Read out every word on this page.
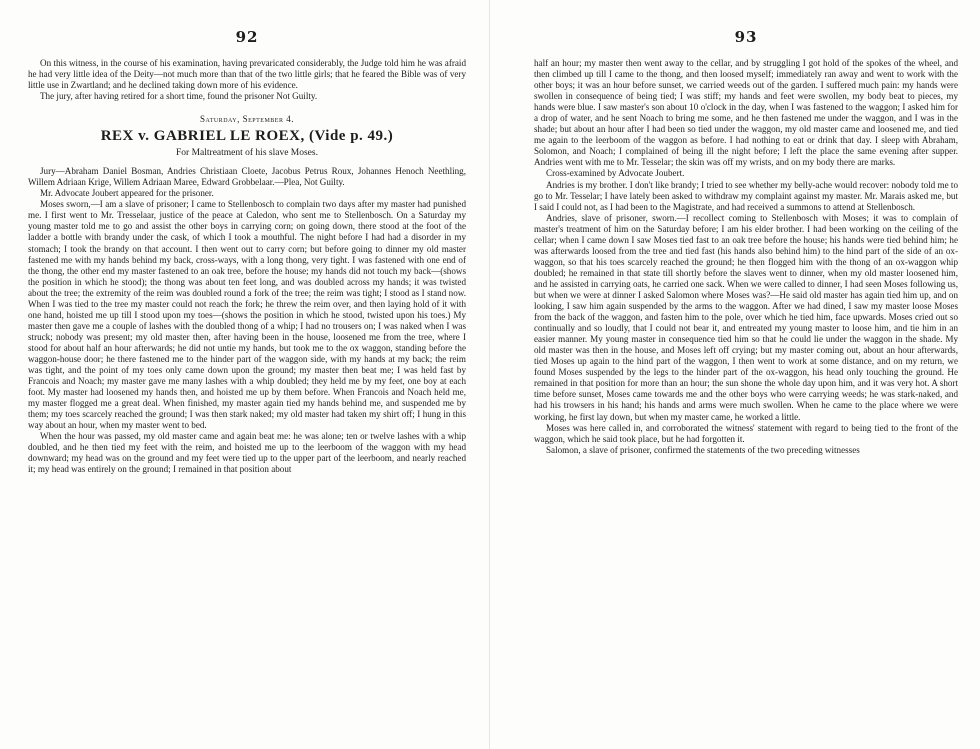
92

On this witness, in the course of his examination, having prevaricated considerably, the Judge told him he was afraid he had very little idea of the Deity—not much more than that of the two little girls; that he feared the Bible was of very little use in Zwartland; and he declined taking down more of his evidence.

The jury, after having retired for a short time, found the prisoner Not Guilty.

Saturday, September 4.
REX v. GABRIEL LE ROEX, (Vide p. 49.)
For Maltreatment of his slave Moses.

Jury—Abraham Daniel Bosman, Andries Christiaan Cloete, Jacobus Petrus Roux, Johannes Henoch Neethling, Willem Adriaan Krige, Willem Adriaan Maree, Edward Grobbelaar.—Plea, Not Guilty.

Mr. Advocate Joubert appeared for the prisoner.

Moses sworn,—I am a slave of prisoner; I came to Stellenbosch to complain two days after my master had punished me. I first went to Mr. Tresselaar, justice of the peace at Caledon, who sent me to Stellenbosch. On a Saturday my young master told me to go and assist the other boys in carrying corn; on going down, there stood at the foot of the ladder a bottle with brandy under the cask, of which I took a mouthful. The night before I had had a disorder in my stomach; I took the brandy on that account. I then went out to carry corn; but before going to dinner my old master fastened me with my hands behind my back, cross-ways, with a long thong, very tight. I was fastened with one end of the thong, the other end my master fastened to an oak tree, before the house; my hands did not touch my back—(shows the position in which he stood); the thong was about ten feet long, and was doubled across my hands; it was twisted about the tree; the extremity of the reim was doubled round a fork of the tree; the reim was tight; I stood as I stand now. When I was tied to the tree my master could not reach the fork; he threw the reim over, and then laying hold of it with one hand, hoisted me up till I stood upon my toes—(shows the position in which he stood, twisted upon his toes.) My master then gave me a couple of lashes with the doubled thong of a whip; I had no trousers on; I was naked when I was struck; nobody was present; my old master then, after having been in the house, loosened me from the tree, where I stood for about half an hour afterwards; he did not untie my hands, but took me to the ox waggon, standing before the waggon-house door; he there fastened me to the hinder part of the waggon side, with my hands at my back; the reim was tight, and the point of my toes only came down upon the ground; my master then beat me; I was held fast by Francois and Noach; my master gave me many lashes with a whip doubled; they held me by my feet, one boy at each foot. My master had loosened my hands then, and hoisted me up by them before. When Francois and Noach held me, my master flogged me a great deal. When finished, my master again tied my hands behind me, and suspended me by them; my toes scarcely reached the ground; I was then stark naked; my old master had taken my shirt off; I hung in this way about an hour, when my master went to bed.

When the hour was passed, my old master came and again beat me: he was alone; ten or twelve lashes with a whip doubled, and he then tied my feet with the reim, and hoisted me up to the leerboom of the waggon with my head downward; my head was on the ground and my feet were tied up to the upper part of the leerboom, and nearly reached it; my head was entirely on the ground; I remained in that position about

93

half an hour; my master then went away to the cellar, and by struggling I got hold of the spokes of the wheel, and then climbed up till I came to the thong, and then loosed myself; immediately ran away and went to work with the other boys; it was an hour before sunset, we carried weeds out of the garden. I suffered much pain: my hands were swollen in consequence of being tied; I was stiff; my hands and feet were swollen, my body beat to pieces, my hands were blue. I saw master's son about 10 o'clock in the day, when I was fastened to the waggon; I asked him for a drop of water, and he sent Noach to bring me some, and he then fastened me under the waggon, and I was in the shade; but about an hour after I had been so tied under the waggon, my old master came and loosened me, and tied me again to the leerboom of the waggon as before. I had nothing to eat or drink that day. I sleep with Abraham, Solomon, and Noach; I complained of being ill the night before; I left the place the same evening after supper. Andries went with me to Mr. Tesselar; the skin was off my wrists, and on my body there are marks.

Cross-examined by Advocate Joubert.

Andries is my brother. I don't like brandy; I tried to see whether my belly-ache would recover: nobody told me to go to Mr. Tesselar; I have lately been asked to withdraw my complaint against my master. Mr. Marais asked me, but I said I could not, as I had been to the Magistrate, and had received a summons to attend at Stellenbosch.

Andries, slave of prisoner, sworn.—I recollect coming to Stellenbosch with Moses; it was to complain of master's treatment of him on the Saturday before; I am his elder brother. I had been working on the ceiling of the cellar; when I came down I saw Moses tied fast to an oak tree before the house; his hands were tied behind him; he was afterwards loosed from the tree and tied fast (his hands also behind him) to the hind part of the side of an ox-waggon, so that his toes scarcely reached the ground; he then flogged him with the thong of an ox-waggon whip doubled; he remained in that state till shortly before the slaves went to dinner, when my old master loosened him, and he assisted in carrying oats, he carried one sack. When we were called to dinner, I had seen Moses following us, but when we were at dinner I asked Salomon where Moses was?—He said old master has again tied him up, and on looking, I saw him again suspended by the arms to the waggon. After we had dined, I saw my master loose Moses from the back of the waggon, and fasten him to the pole, over which he tied him, face upwards. Moses cried out so continually and so loudly, that I could not bear it, and entreated my young master to loose him, and tie him in an easier manner. My young master in consequence tied him so that he could lie under the waggon in the shade. My old master was then in the house, and Moses left off crying; but my master coming out, about an hour afterwards, tied Moses up again to the hind part of the waggon, I then went to work at some distance, and on my return, we found Moses suspended by the legs to the hinder part of the ox-waggon, his head only touching the ground. He remained in that position for more than an hour; the sun shone the whole day upon him, and it was very hot. A short time before sunset, Moses came towards me and the other boys who were carrying weeds; he was stark-naked, and had his trowsers in his hand; his hands and arms were much swollen. When he came to the place where we were working, he first lay down, but when my master came, he worked a little.

Moses was here called in, and corroborated the witness' statement with regard to being tied to the front of the waggon, which he said took place, but he had forgotten it.

Salomon, a slave of prisoner, confirmed the statements of the two preceding witnesses
